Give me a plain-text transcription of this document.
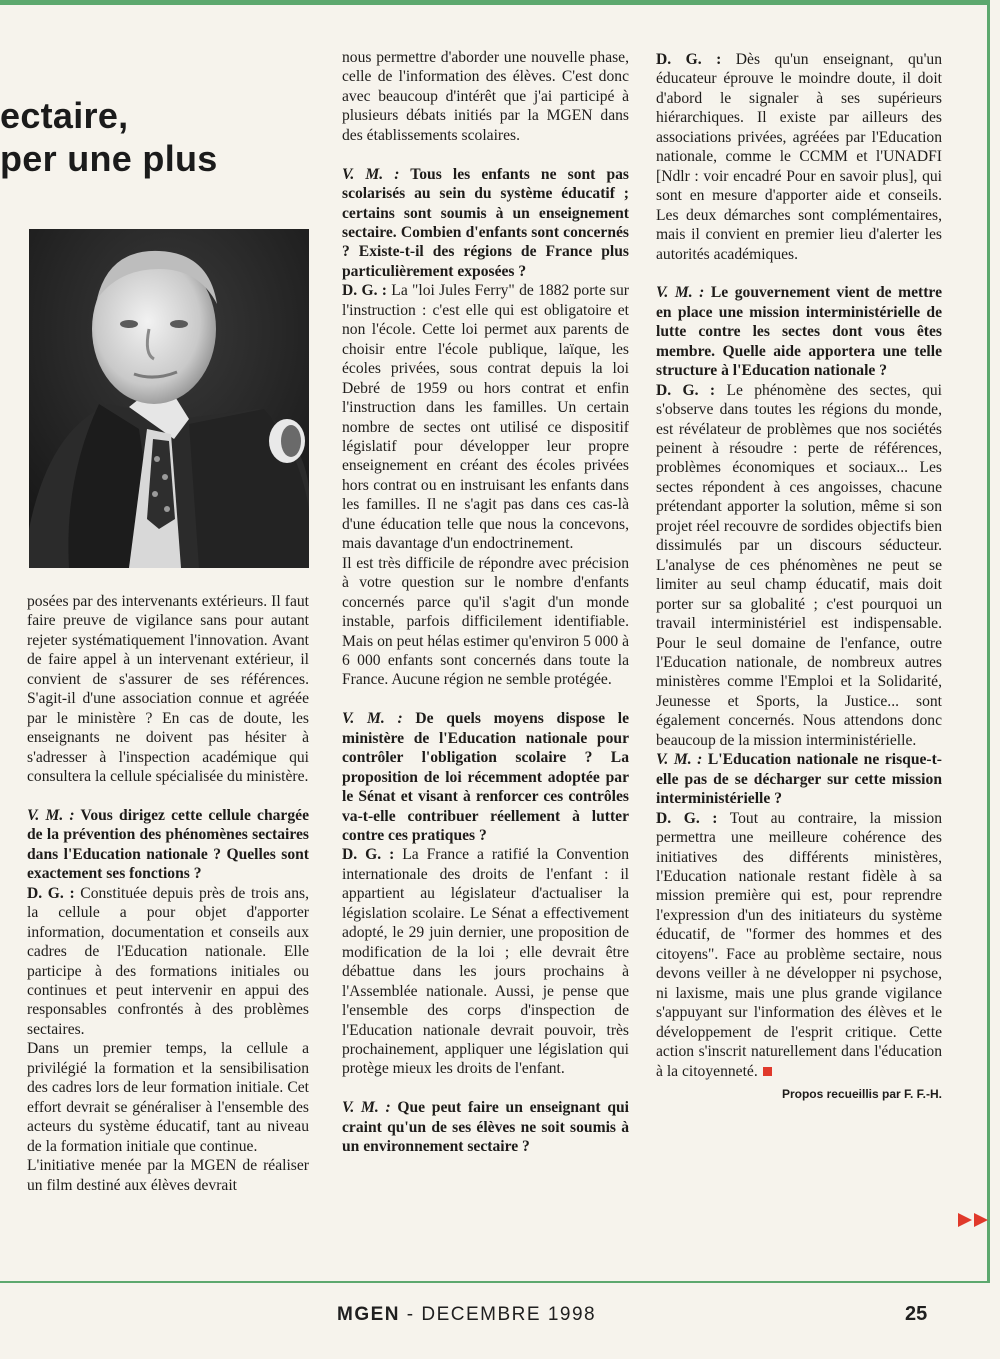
ectaire,
per une plus

posées par des intervenants extérieurs. Il faut faire preuve de vigilance sans pour autant rejeter systématiquement l'innovation. Avant de faire appel à un intervenant extérieur, il convient de s'assurer de ses références. S'agit-il d'une association connue et agréée par le ministère ? En cas de doute, les enseignants ne doivent pas hésiter à s'adresser à l'inspection académique qui consultera la cellule spécialisée du ministère.

V. M. : Vous dirigez cette cellule chargée de la prévention des phénomènes sectaires dans l'Education nationale ? Quelles sont exactement ses fonctions ?

D. G. : Constituée depuis près de trois ans, la cellule a pour objet d'apporter information, documentation et conseils aux cadres de l'Education nationale. Elle participe à des formations initiales ou continues et peut intervenir en appui des responsables confrontés à des problèmes sectaires.

Dans un premier temps, la cellule a privilégié la formation et la sensibilisation des cadres lors de leur formation initiale. Cet effort devrait se généraliser à l'ensemble des acteurs du système éducatif, tant au niveau de la formation initiale que continue.

L'initiative menée par la MGEN de réaliser un film destiné aux élèves devrait

nous permettre d'aborder une nouvelle phase, celle de l'information des élèves. C'est donc avec beaucoup d'intérêt que j'ai participé à plusieurs débats initiés par la MGEN dans des établissements scolaires.

V. M. : Tous les enfants ne sont pas scolarisés au sein du système éducatif ; certains sont soumis à un enseignement sectaire. Combien d'enfants sont concernés ? Existe-t-il des régions de France plus particulièrement exposées ?

D. G. : La "loi Jules Ferry" de 1882 porte sur l'instruction : c'est elle qui est obligatoire et non l'école. Cette loi permet aux parents de choisir entre l'école publique, laïque, les écoles privées, sous contrat depuis la loi Debré de 1959 ou hors contrat et enfin l'instruction dans les familles. Un certain nombre de sectes ont utilisé ce dispositif législatif pour développer leur propre enseignement en créant des écoles privées hors contrat ou en instruisant les enfants dans les familles. Il ne s'agit pas dans ces cas-là d'une éducation telle que nous la concevons, mais davantage d'un endoctrinement.

Il est très difficile de répondre avec précision à votre question sur le nombre d'enfants concernés parce qu'il s'agit d'un monde instable, parfois difficilement identifiable. Mais on peut hélas estimer qu'environ 5 000 à 6 000 enfants sont concernés dans toute la France. Aucune région ne semble protégée.

V. M. : De quels moyens dispose le ministère de l'Education nationale pour contrôler l'obligation scolaire ? La proposition de loi récemment adoptée par le Sénat et visant à renforcer ces contrôles va-t-elle contribuer réellement à lutter contre ces pratiques ?

D. G. : La France a ratifié la Convention internationale des droits de l'enfant : il appartient au législateur d'actualiser la législation scolaire. Le Sénat a effectivement adopté, le 29 juin dernier, une proposition de modification de la loi ; elle devrait être débattue dans les jours prochains à l'Assemblée nationale. Aussi, je pense que l'ensemble des corps d'inspection de l'Education nationale devrait pouvoir, très prochainement, appliquer une législation qui protège mieux les droits de l'enfant.

V. M. : Que peut faire un enseignant qui craint qu'un de ses élèves ne soit soumis à un environnement sectaire ?

D. G. : Dès qu'un enseignant, qu'un éducateur éprouve le moindre doute, il doit d'abord le signaler à ses supérieurs hiérarchiques. Il existe par ailleurs des associations privées, agréées par l'Education nationale, comme le CCMM et l'UNADFI [Ndlr : voir encadré Pour en savoir plus], qui sont en mesure d'apporter aide et conseils. Les deux démarches sont complémentaires, mais il convient en premier lieu d'alerter les autorités académiques.

V. M. : Le gouvernement vient de mettre en place une mission interministérielle de lutte contre les sectes dont vous êtes membre. Quelle aide apportera une telle structure à l'Education nationale ?

D. G. : Le phénomène des sectes, qui s'observe dans toutes les régions du monde, est révélateur de problèmes que nos sociétés peinent à résoudre : perte de références, problèmes économiques et sociaux... Les sectes répondent à ces angoisses, chacune prétendant apporter la solution, même si son projet réel recouvre de sordides objectifs bien dissimulés par un discours séducteur. L'analyse de ces phénomènes ne peut se limiter au seul champ éducatif, mais doit porter sur sa globalité ; c'est pourquoi un travail interministériel est indispensable. Pour le seul domaine de l'enfance, outre l'Education nationale, de nombreux autres ministères comme l'Emploi et la Solidarité, Jeunesse et Sports, la Justice... sont également concernés. Nous attendons donc beaucoup de la mission interministérielle.

V. M. : L'Education nationale ne risque-t-elle pas de se décharger sur cette mission interministérielle ?

D. G. : Tout au contraire, la mission permettra une meilleure cohérence des initiatives des différents ministères, l'Education nationale restant fidèle à sa mission première qui est, pour reprendre l'expression d'un des initiateurs du système éducatif, de "former des hommes et des citoyens". Face au problème sectaire, nous devons veiller à ne développer ni psychose, ni laxisme, mais une plus grande vigilance s'appuyant sur l'information des élèves et le développement de l'esprit critique. Cette action s'inscrit naturellement dans l'éducation à la citoyenneté.

Propos recueillis par F. F.-H.
MGEN - DECEMBRE 1998	25
